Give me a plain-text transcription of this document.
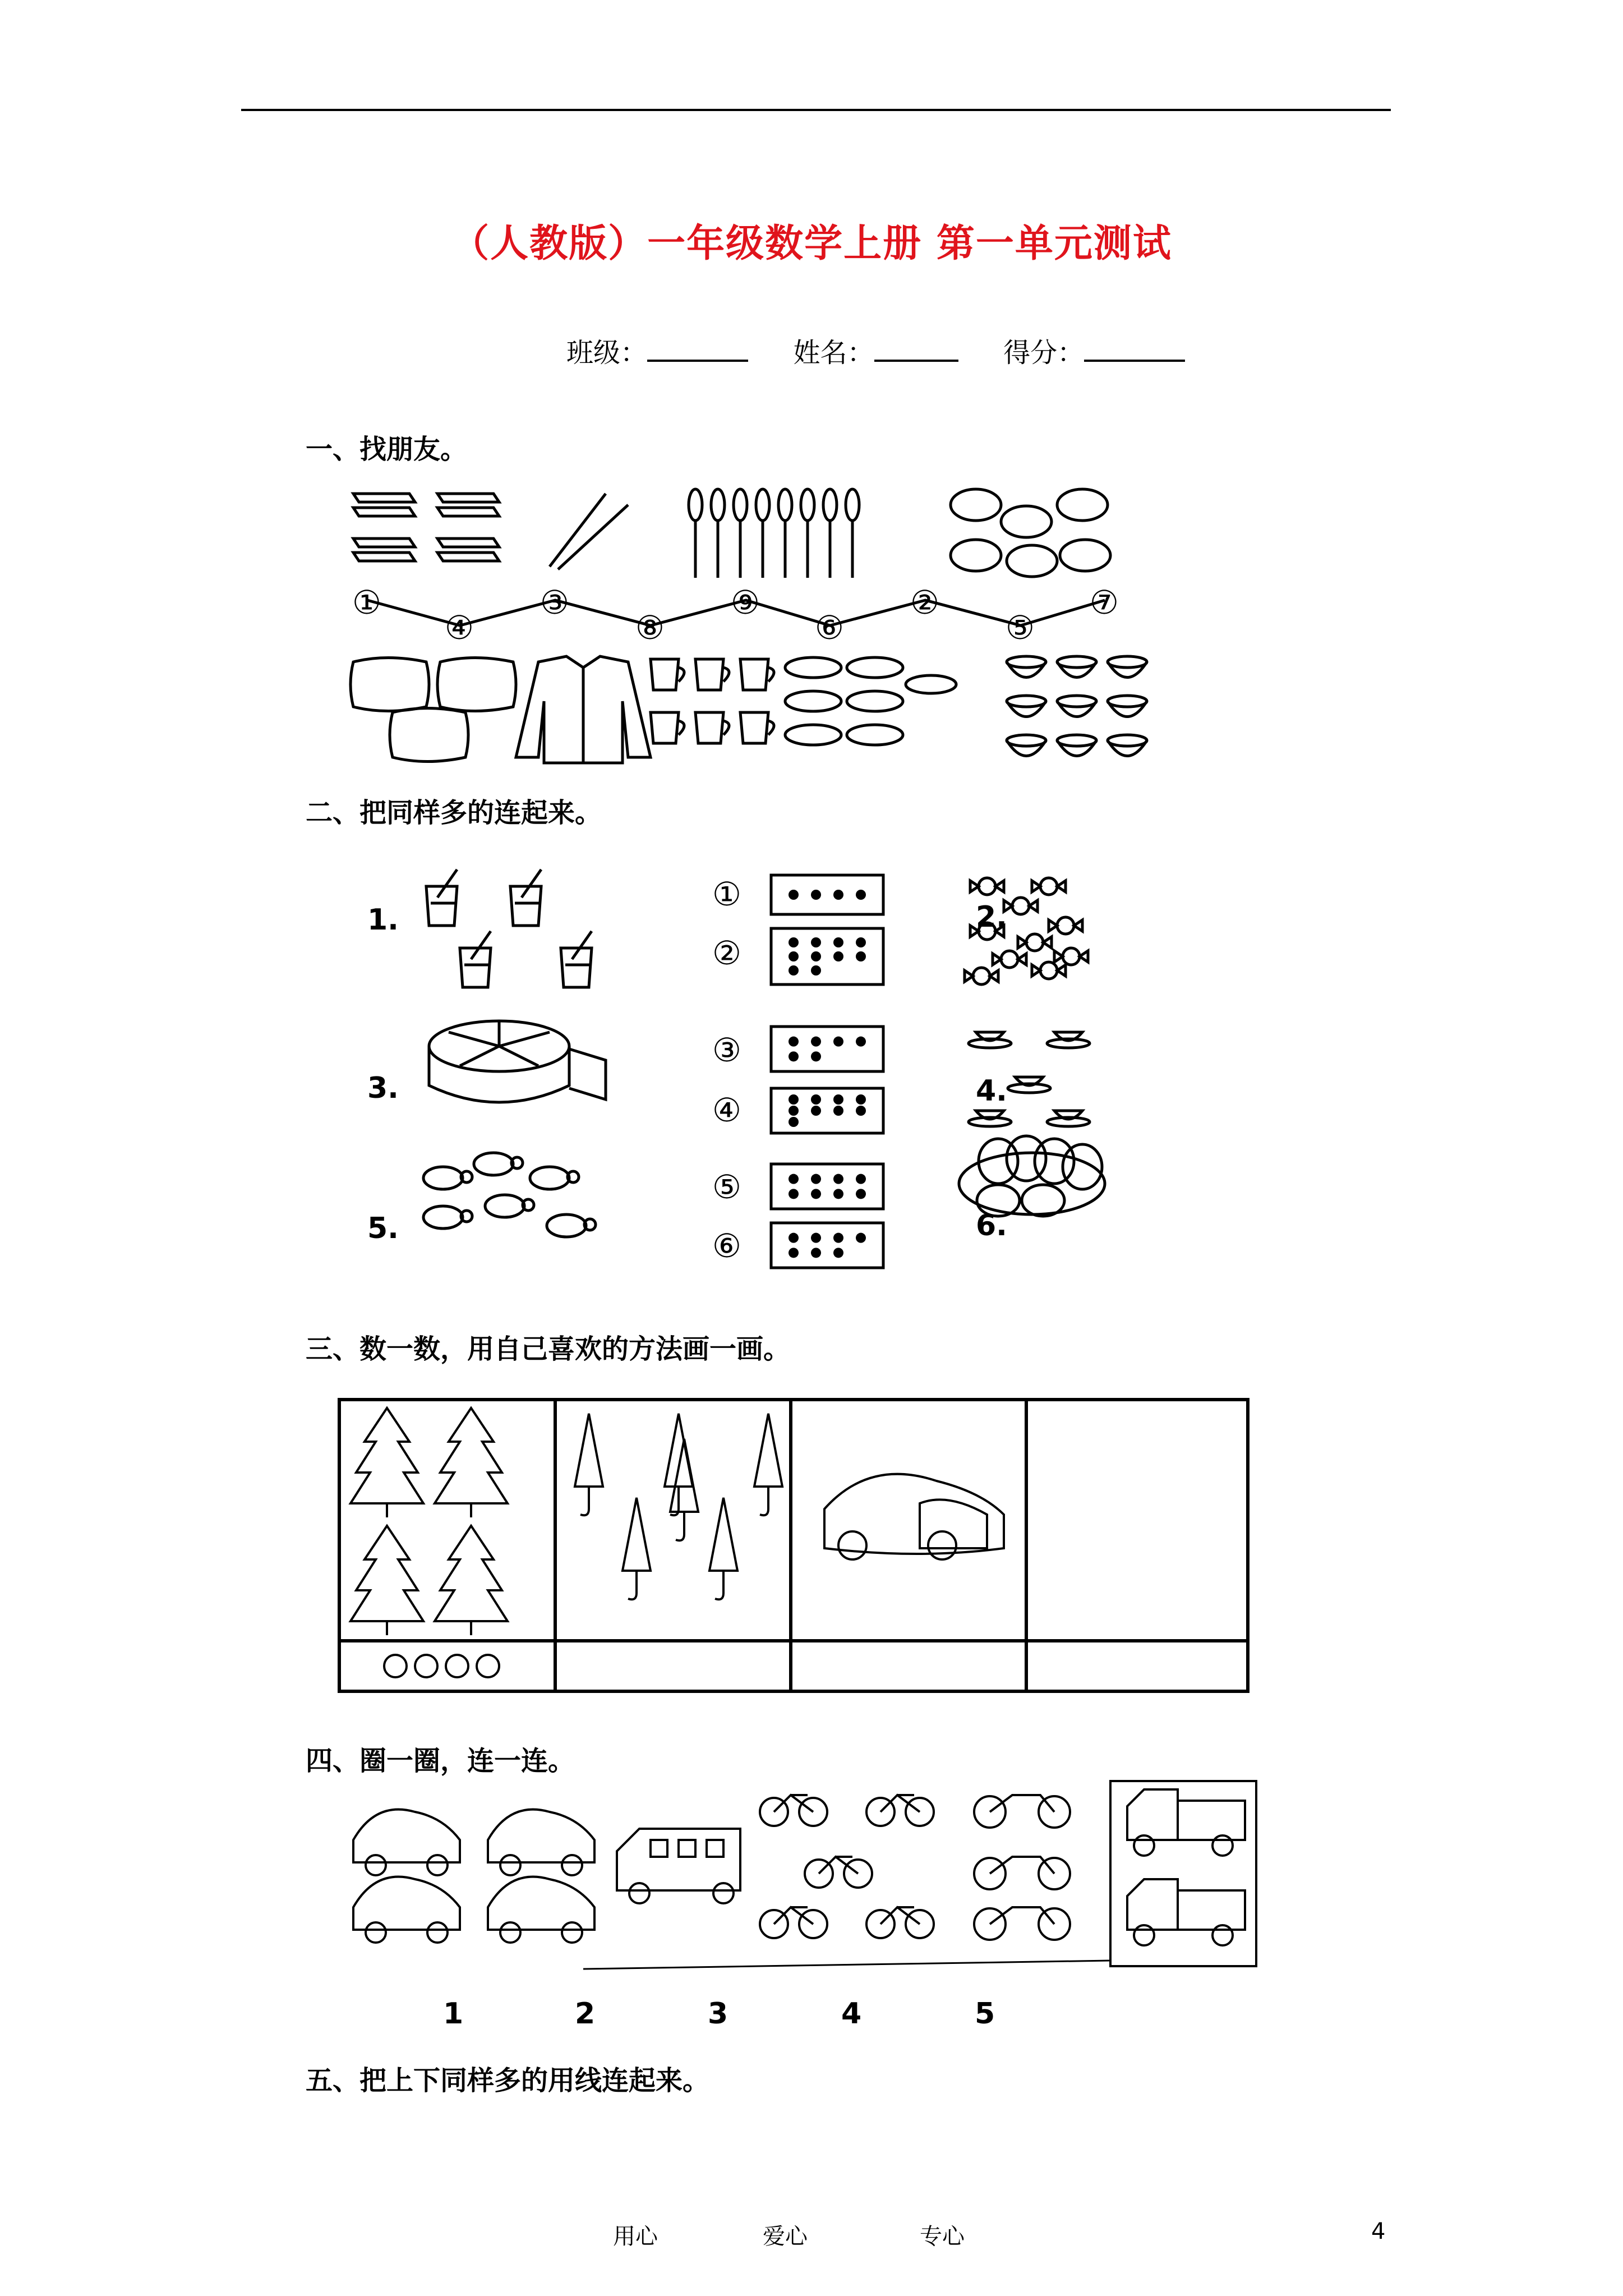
（人教版）一年级数学上册 第一单元测试
班级：	姓名：	得分：
一、找朋友。
二、把同样多的连起来。
三、数一数，用自己喜欢的方法画一画。
四、圈一圈，连一连。
五、把上下同样多的用线连起来。
①
④
③
⑧
⑨
⑥
②
⑤
⑦
1.
3.
5.
2.
4.
6.
①
②
③
④
⑤
⑥
1	2	3	4	5
用心	爱心	专心	4
